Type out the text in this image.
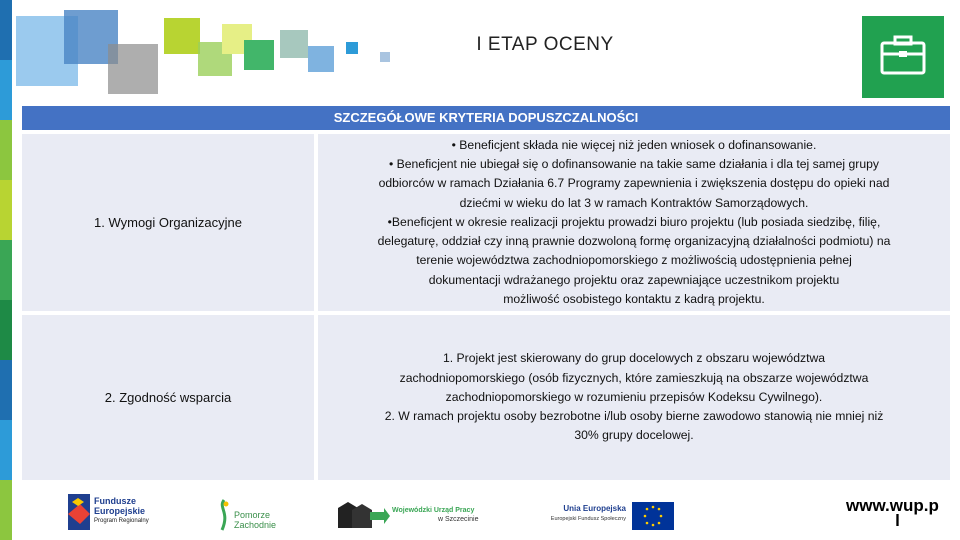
I ETAP OCENY
SZCZEGÓŁOWE KRYTERIA DOPUSZCZALNOŚCI
1. Wymogi Organizacyjne

• Beneficjent składa nie więcej niż jeden wniosek o dofinansowanie.

• Beneficjent nie ubiegał się o dofinansowanie na takie same działania i dla tej samej grupy

odbiorców w ramach Działania 6.7 Programy zapewnienia i zwiększenia dostępu do opieki nad

dziećmi w wieku do lat 3 w ramach Kontraktów Samorządowych.

•Beneficjent w okresie realizacji projektu prowadzi biuro projektu (lub posiada siedzibę, filię,

delegaturę, oddział czy inną prawnie dozwoloną formę organizacyjną działalności podmiotu) na

terenie województwa zachodniopomorskiego z możliwością udostępnienia pełnej

dokumentacji wdrażanego projektu oraz zapewniające uczestnikom projektu

możliwość osobistego kontaktu z kadrą projektu.

2. Zgodność wsparcia

1. Projekt jest skierowany do grup docelowych z obszaru województwa

zachodniopomorskiego (osób fizycznych, które zamieszkują na obszarze województwa

zachodniopomorskiego w rozumieniu przepisów Kodeksu Cywilnego).

2. W ramach projektu osoby bezrobotne i/lub osoby bierne zawodowo stanowią nie mniej niż

30% grupy docelowej.

Fundusze
Europejskie
Program Regionalny
Pomorze
Zachodnie
Wojewódzki Urząd Pracy
w Szczecinie
Unia Europejska
Europejski Fundusz Społeczny
www.wup.p
l
